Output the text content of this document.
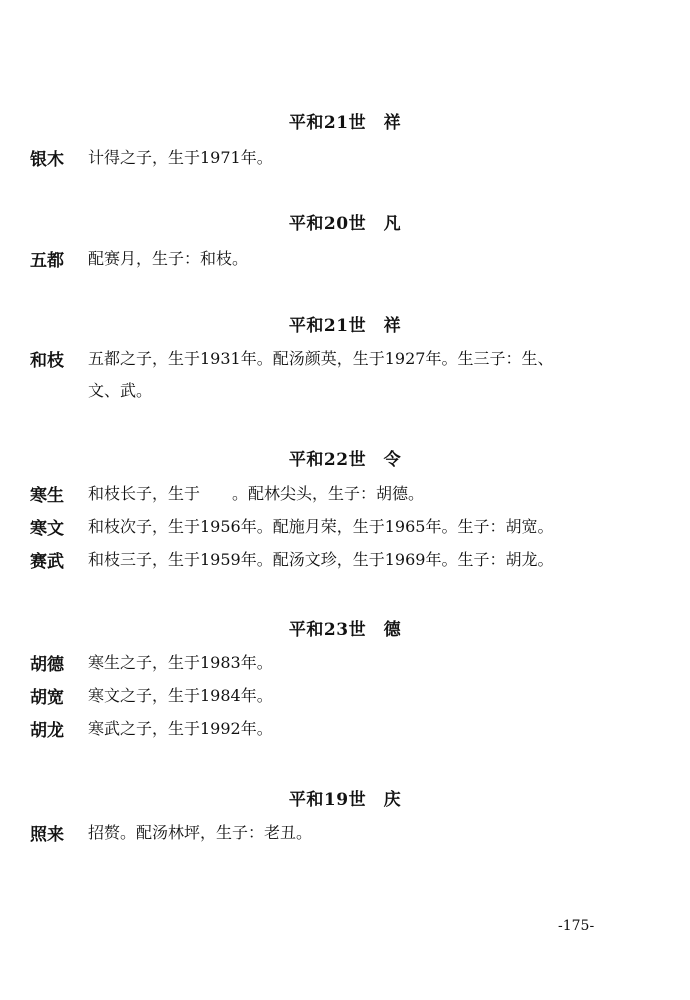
平和21世　祥
银木 计得之子，生于1971年。
平和20世　凡
五都 配赛月，生子：和枝。
平和21世　祥
和枝 五都之子，生于1931年。配汤颜英，生于1927年。生三子：生、
文、武。
平和22世　令
寒生 和枝长子，生于　　。配林尖头，生子：胡德。
寒文 和枝次子，生于1956年。配施月荣，生于1965年。生子：胡宽。
赛武 和枝三子，生于1959年。配汤文珍，生于1969年。生子：胡龙。
平和23世　德
胡德 寒生之子，生于1983年。
胡宽 寒文之子，生于1984年。
胡龙 寒武之子，生于1992年。
平和19世　庆
照来 招赘。配汤林坪，生子：老丑。
-175-
